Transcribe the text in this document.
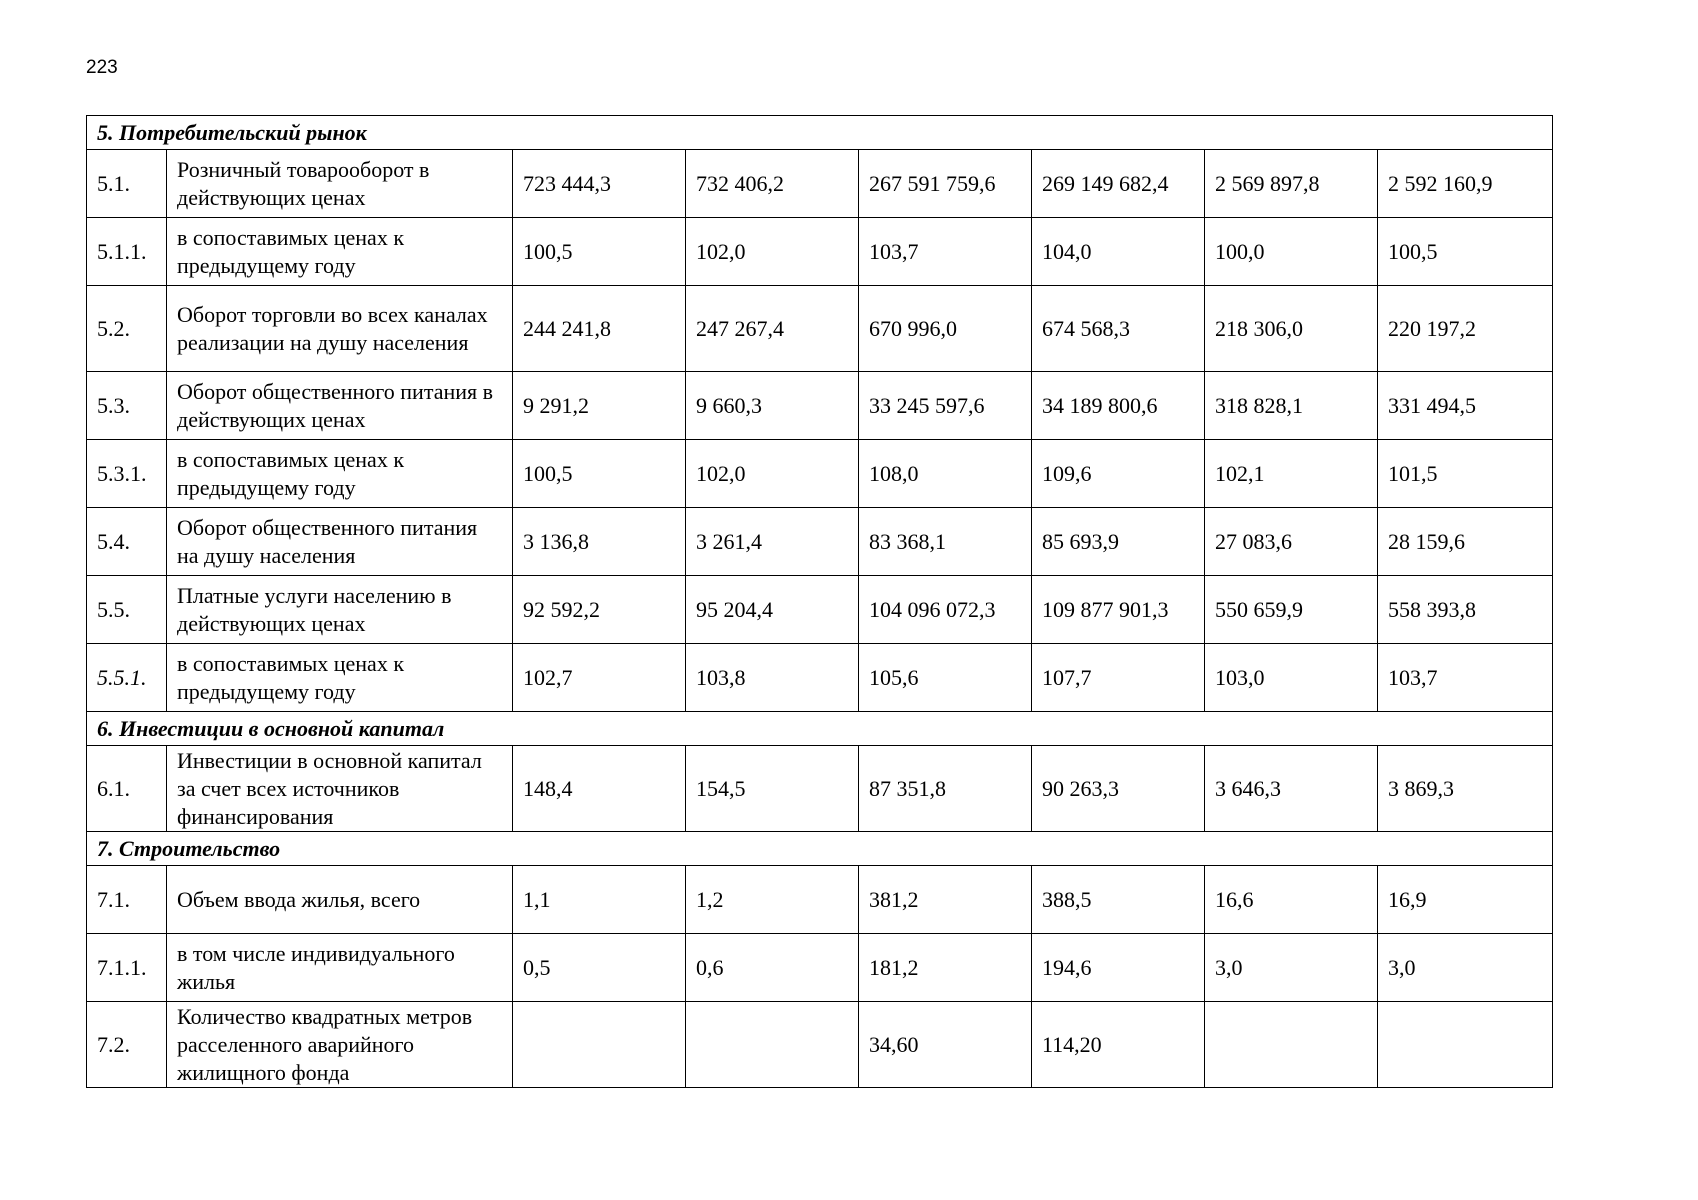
223
5. Потребительский рынок							
5.1.	Розничный товарооборот в действующих ценах	723 444,3	732 406,2	267 591 759,6	269 149 682,4	2 569 897,8	2 592 160,9
5.1.1.	в сопоставимых ценах к предыдущему году	100,5	102,0	103,7	104,0	100,0	100,5
5.2.	Оборот торговли во всех каналах реализации на душу населения	244 241,8	247 267,4	670 996,0	674 568,3	218 306,0	220 197,2
5.3.	Оборот общественного питания в действующих ценах	9 291,2	9 660,3	33 245 597,6	34 189 800,6	318 828,1	331 494,5
5.3.1.	в сопоставимых ценах к предыдущему году	100,5	102,0	108,0	109,6	102,1	101,5
5.4.	Оборот общественного питания на душу населения	3 136,8	3 261,4	83 368,1	85 693,9	27 083,6	28 159,6
5.5.	Платные услуги населению в действующих ценах	92 592,2	95 204,4	104 096 072,3	109 877 901,3	550 659,9	558 393,8
5.5.1.	в сопоставимых ценах к предыдущему году	102,7	103,8	105,6	107,7	103,0	103,7
6. Инвестиции в основной капитал							
6.1.	Инвестиции в основной капитал за счет всех источников финансирования	148,4	154,5	87 351,8	90 263,3	3 646,3	3 869,3
7. Строительство							
7.1.	Объем ввода жилья, всего	1,1	1,2	381,2	388,5	16,6	16,9
7.1.1.	в том числе индивидуального жилья	0,5	0,6	181,2	194,6	3,0	3,0
7.2.	Количество квадратных метров расселенного аварийного жилищного фонда			34,60	114,20		
